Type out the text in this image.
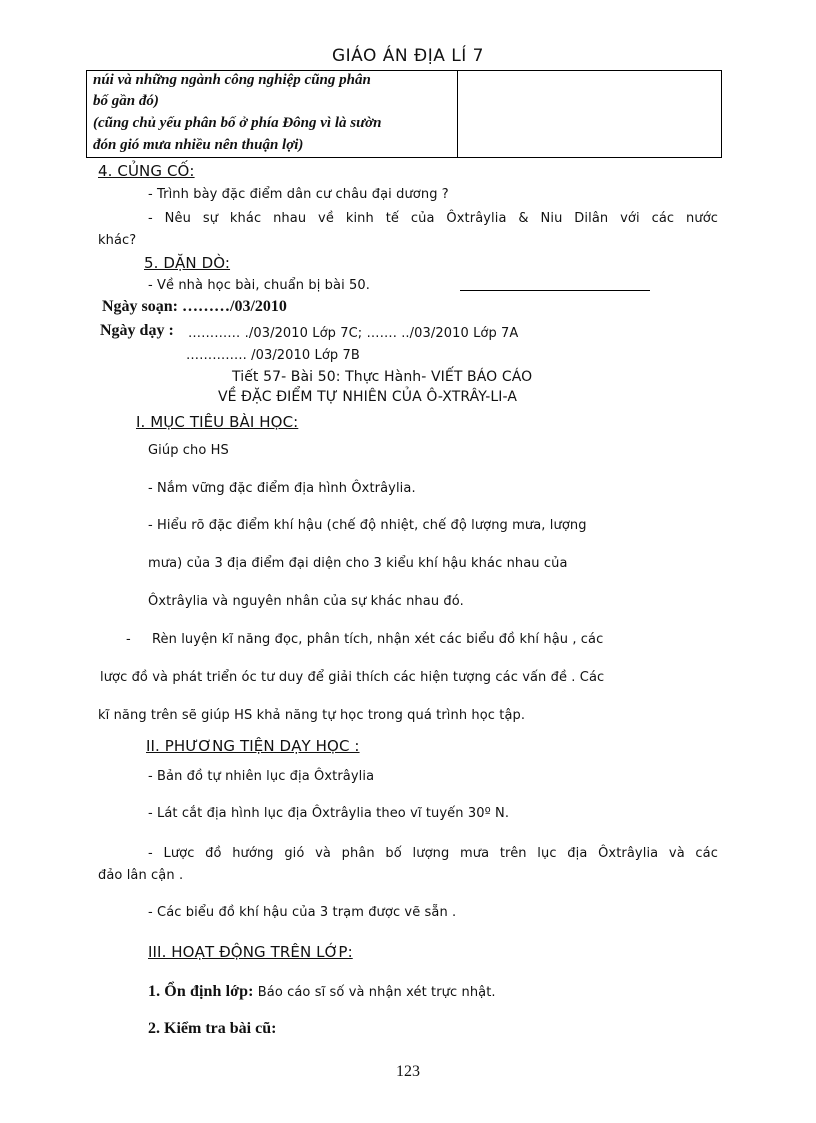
GIÁO ÁN ĐỊA LÍ 7
núi và những ngành công nghiệp cũng phân
bố gần đó)
(cũng chủ yếu phân bố ở phía Đông vì là sườn
đón gió mưa nhiều nên thuận lợi)
4. CỦNG CỐ:
- Trình bày đặc điểm dân cư châu đại dương ?
- Nêu sự khác nhau về kinh tế của Ôxtrâylia & Niu Dilân với các nước
khác?
5. DẶN DÒ:
- Về nhà học bài, chuẩn bị bài 50.
Ngày soạn: ………/03/2010
Ngày dạy : ………… ./03/2010 Lớp 7C; ……. ../03/2010 Lớp 7A
………….. /03/2010 Lớp 7B
Tiết 57- Bài 50: Thực Hành- VIẾT BÁO CÁO
VỀ ĐẶC ĐIỂM TỰ NHIÊN CỦA Ô-XTRÂY-LI-A
I. MỤC TIÊU BÀI HỌC:
Giúp cho HS
- Nắm vững đặc điểm địa hình Ôxtrâylia.
- Hiểu rõ đặc điểm khí hậu (chế độ nhiệt, chế độ lượng mưa, lượng
mưa) của 3 địa điểm đại diện cho 3 kiểu khí hậu khác nhau của
Ôxtrâylia và nguyên nhân của sự khác nhau đó.
- Rèn luyện kĩ năng đọc, phân tích, nhận xét các biểu đồ khí hậu , các
lược đồ và phát triển óc tư duy để giải thích các hiện tượng các vấn đề . Các
kĩ năng trên sẽ giúp HS khả năng tự học trong quá trình học tập.
II. PHƯƠNG TIỆN DẠY HỌC :
- Bản đồ tự nhiên lục địa Ôxtrâylia
- Lát cắt địa hình lục địa Ôxtrâylia theo vĩ tuyến 30º N.
- Lược đồ hướng gió và phân bố lượng mưa trên lục địa Ôxtrâylia và các
đảo lân cận .
- Các biểu đồ khí hậu của 3 trạm được vẽ sẵn .
III. HOẠT ĐỘNG TRÊN LỚP:
1. Ổn định lớp: Báo cáo sĩ số và nhận xét trực nhật.
2. Kiểm tra bài cũ:
123
